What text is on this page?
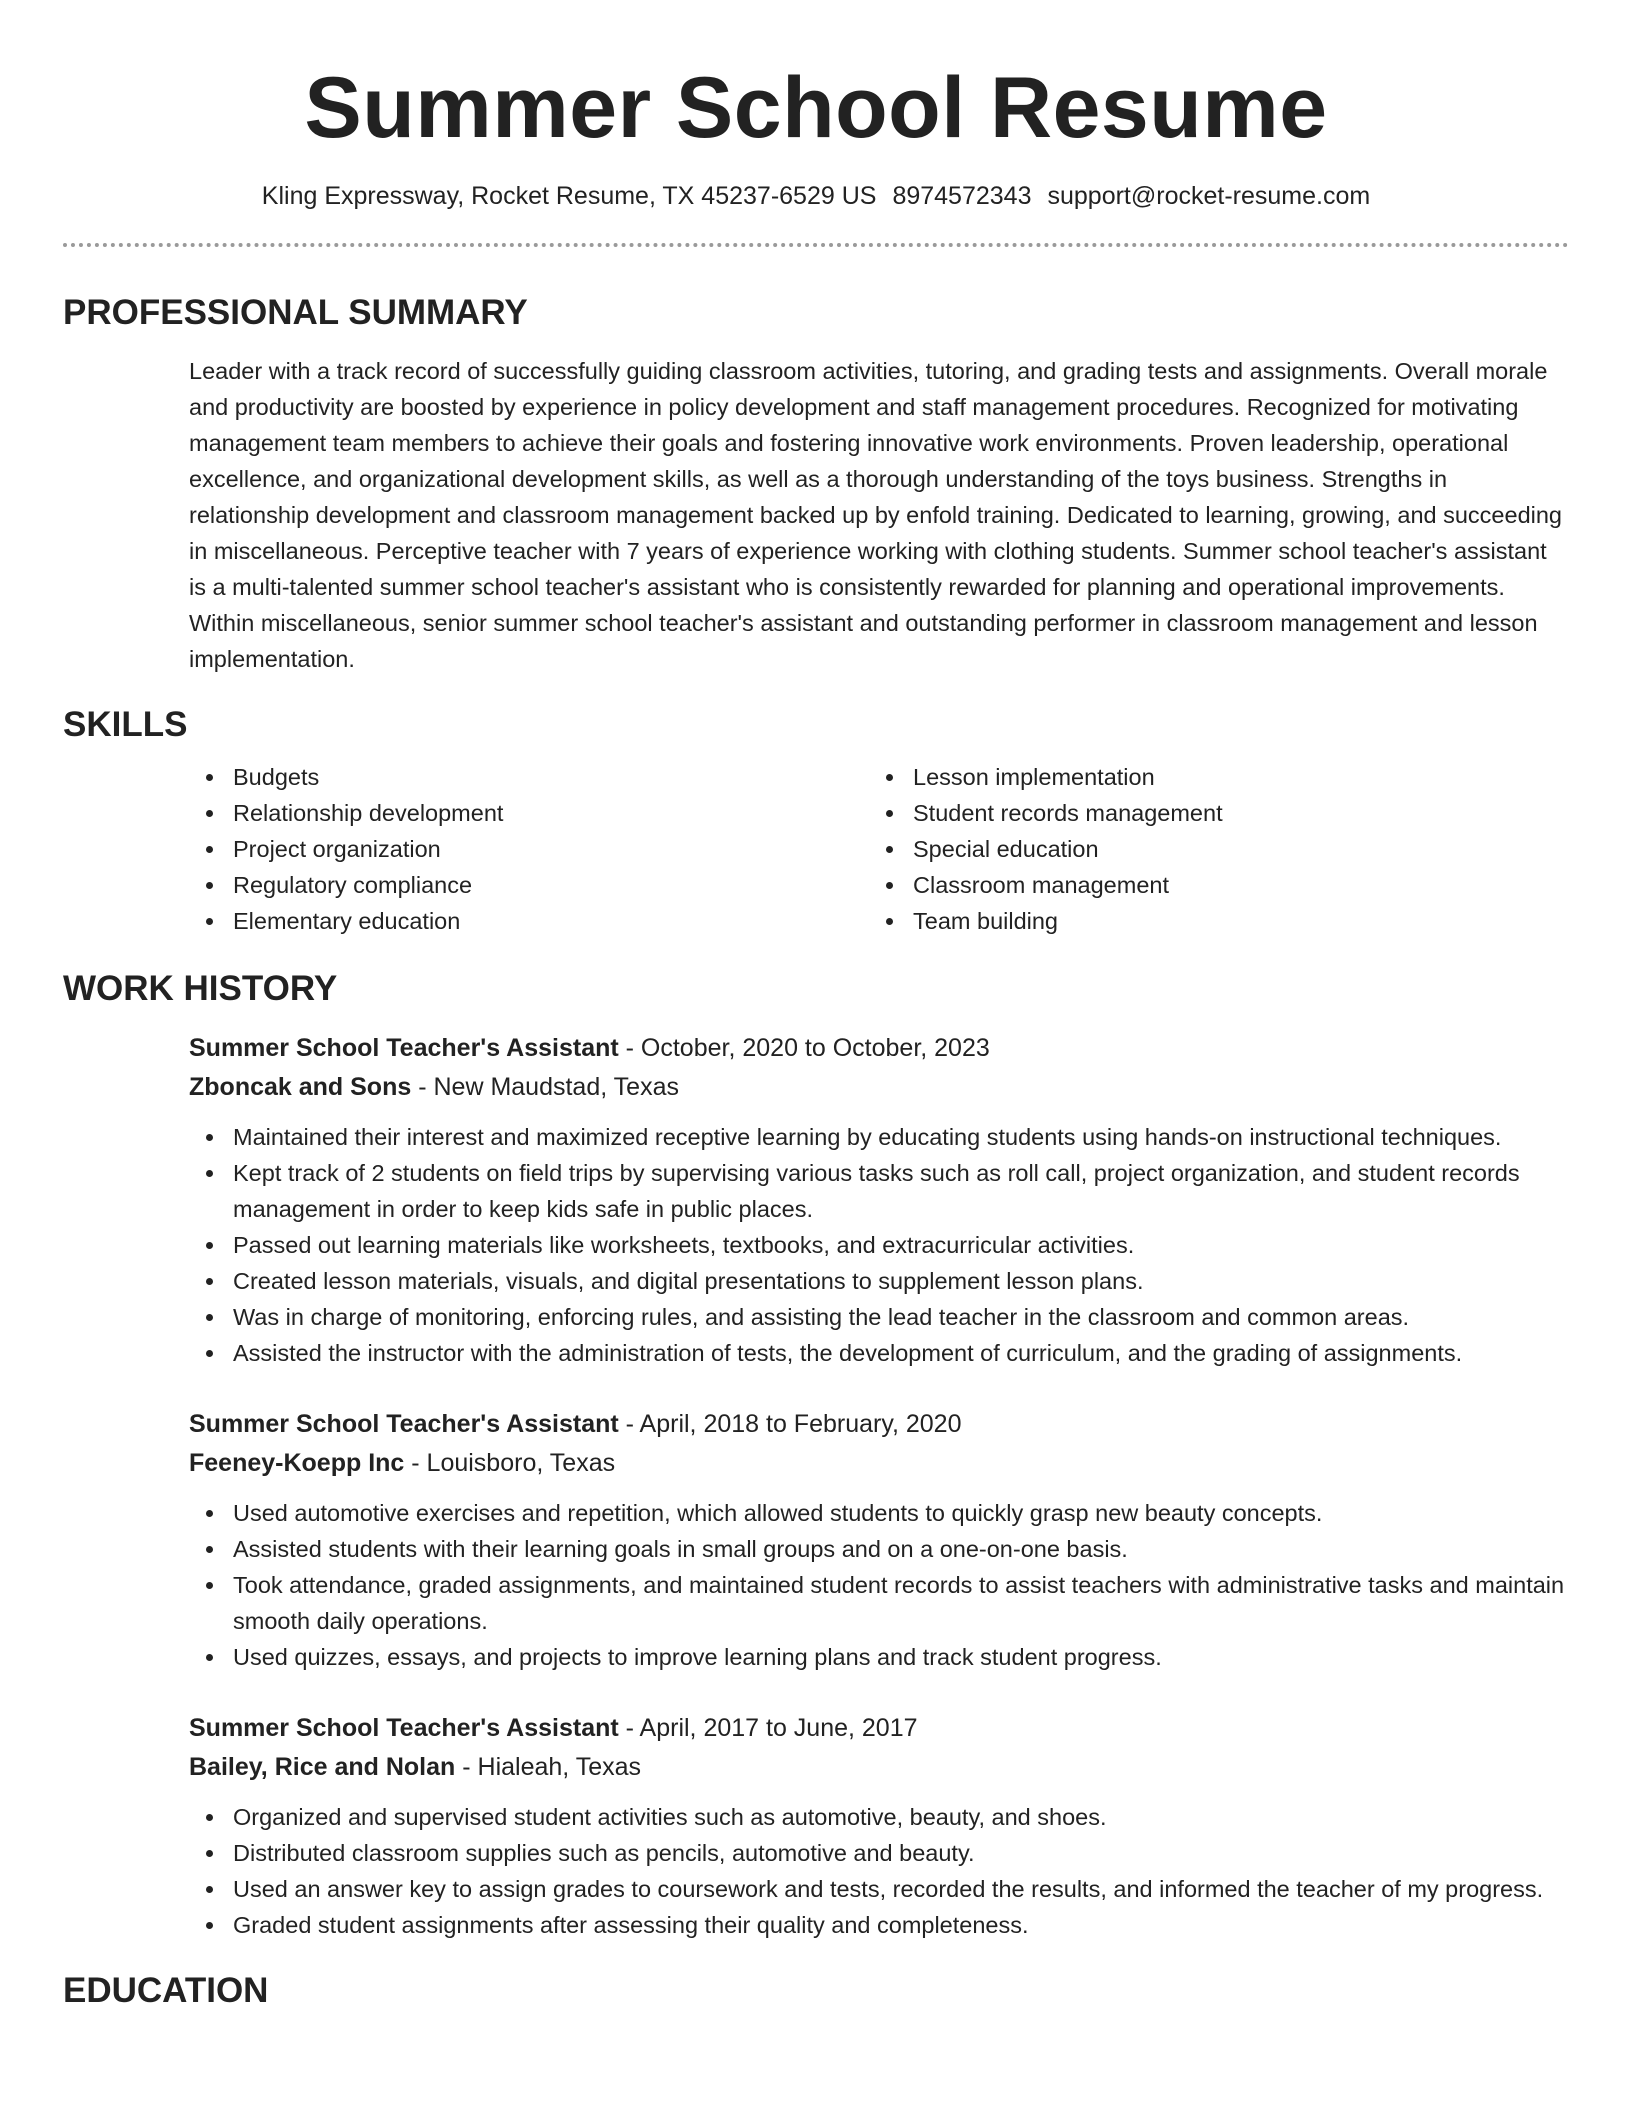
Summer School Resume
Kling Expressway, Rocket Resume, TX 45237-6529 US 8974572343 support@rocket-resume.com
PROFESSIONAL SUMMARY

Leader with a track record of successfully guiding classroom activities, tutoring, and grading tests and assignments. Overall morale and productivity are boosted by experience in policy development and staff management procedures. Recognized for motivating management team members to achieve their goals and fostering innovative work environments. Proven leadership, operational excellence, and organizational development skills, as well as a thorough understanding of the toys business. Strengths in relationship development and classroom management backed up by enfold training. Dedicated to learning, growing, and succeeding in miscellaneous. Perceptive teacher with 7 years of experience working with clothing students. Summer school teacher's assistant is a multi-talented summer school teacher's assistant who is consistently rewarded for planning and operational improvements. Within miscellaneous, senior summer school teacher's assistant and outstanding performer in classroom management and lesson implementation.

SKILLS
Budgets
Relationship development
Project organization
Regulatory compliance
Elementary education
Lesson implementation
Student records management
Special education
Classroom management
Team building
WORK HISTORY
Summer School Teacher's Assistant - October, 2020 to October, 2023
Zboncak and Sons - New Maudstad, Texas
Maintained their interest and maximized receptive learning by educating students using hands-on instructional techniques.
Kept track of 2 students on field trips by supervising various tasks such as roll call, project organization, and student records management in order to keep kids safe in public places.
Passed out learning materials like worksheets, textbooks, and extracurricular activities.
Created lesson materials, visuals, and digital presentations to supplement lesson plans.
Was in charge of monitoring, enforcing rules, and assisting the lead teacher in the classroom and common areas.
Assisted the instructor with the administration of tests, the development of curriculum, and the grading of assignments.
Summer School Teacher's Assistant - April, 2018 to February, 2020
Feeney-Koepp Inc - Louisboro, Texas
Used automotive exercises and repetition, which allowed students to quickly grasp new beauty concepts.
Assisted students with their learning goals in small groups and on a one-on-one basis.
Took attendance, graded assignments, and maintained student records to assist teachers with administrative tasks and maintain smooth daily operations.
Used quizzes, essays, and projects to improve learning plans and track student progress.
Summer School Teacher's Assistant - April, 2017 to June, 2017
Bailey, Rice and Nolan - Hialeah, Texas
Organized and supervised student activities such as automotive, beauty, and shoes.
Distributed classroom supplies such as pencils, automotive and beauty.
Used an answer key to assign grades to coursework and tests, recorded the results, and informed the teacher of my progress.
Graded student assignments after assessing their quality and completeness.
EDUCATION
